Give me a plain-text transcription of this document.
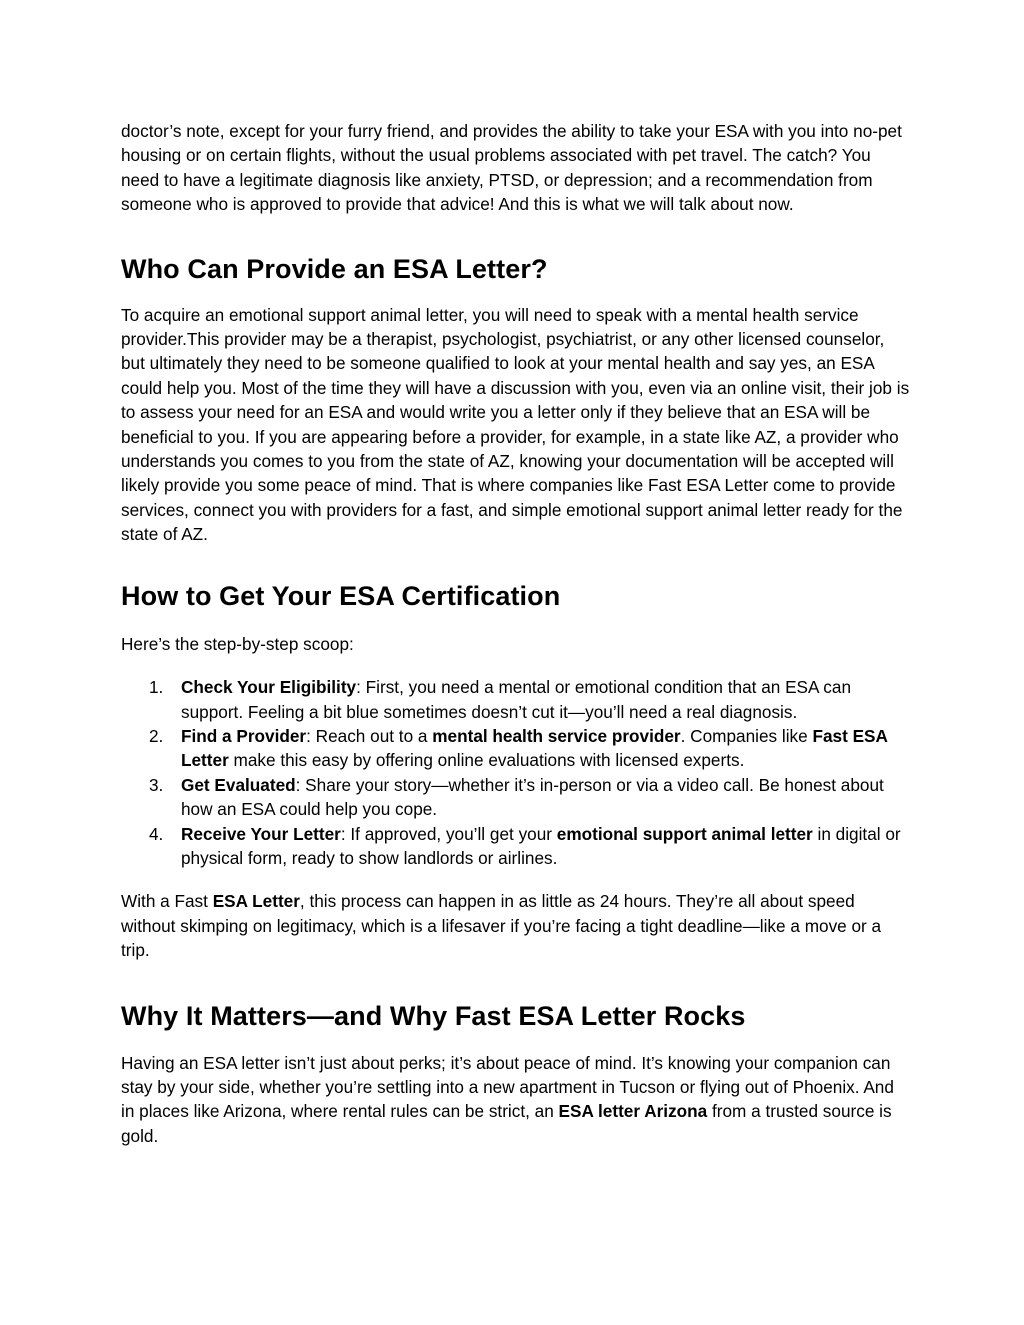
doctor’s note, except for your furry friend, and provides the ability to take your ESA with you into no-pet housing or on certain flights, without the usual problems associated with pet travel. The catch? You need to have a legitimate diagnosis like anxiety, PTSD, or depression; and a recommendation from someone who is approved to provide that advice! And this is what we will talk about now.

Who Can Provide an ESA Letter?

To acquire an emotional support animal letter, you will need to speak with a mental health service provider.This provider may be a therapist, psychologist, psychiatrist, or any other licensed counselor, but ultimately they need to be someone qualified to look at your mental health and say yes, an ESA could help you. Most of the time they will have a discussion with you, even via an online visit, their job is to assess your need for an ESA and would write you a letter only if they believe that an ESA will be beneficial to you. If you are appearing before a provider, for example, in a state like AZ, a provider who understands you comes to you from the state of AZ, knowing your documentation will be accepted will likely provide you some peace of mind. That is where companies like Fast ESA Letter come to provide services, connect you with providers for a fast, and simple emotional support animal letter ready for the state of AZ.

How to Get Your ESA Certification

Here’s the step-by-step scoop:

1. Check Your Eligibility: First, you need a mental or emotional condition that an ESA can support. Feeling a bit blue sometimes doesn’t cut it—you’ll need a real diagnosis.
2. Find a Provider: Reach out to a mental health service provider. Companies like Fast ESA Letter make this easy by offering online evaluations with licensed experts.
3. Get Evaluated: Share your story—whether it’s in-person or via a video call. Be honest about how an ESA could help you cope.
4. Receive Your Letter: If approved, you’ll get your emotional support animal letter in digital or physical form, ready to show landlords or airlines.

With a Fast ESA Letter, this process can happen in as little as 24 hours. They’re all about speed without skimping on legitimacy, which is a lifesaver if you’re facing a tight deadline—like a move or a trip.

Why It Matters—and Why Fast ESA Letter Rocks

Having an ESA letter isn’t just about perks; it’s about peace of mind. It’s knowing your companion can stay by your side, whether you’re settling into a new apartment in Tucson or flying out of Phoenix. And in places like Arizona, where rental rules can be strict, an ESA letter Arizona from a trusted source is gold.
